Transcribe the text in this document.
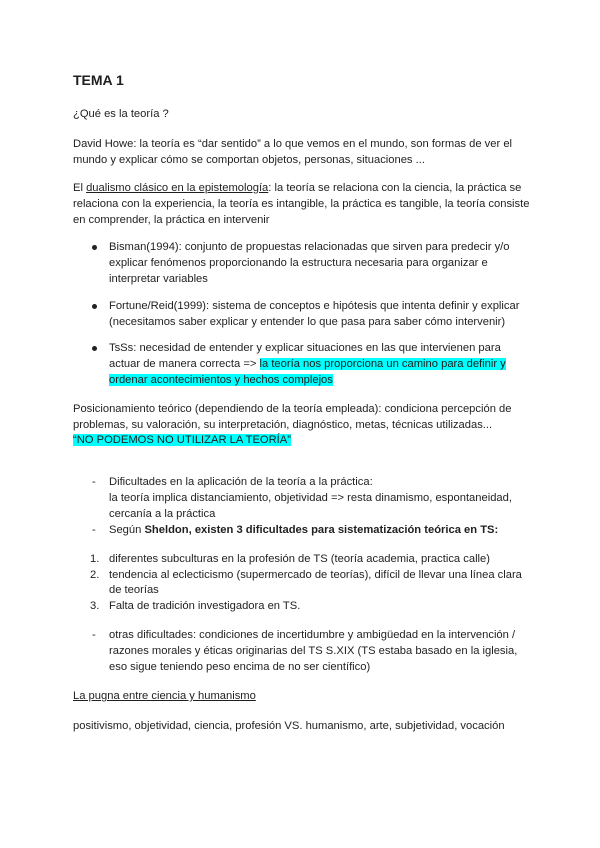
TEMA 1
¿Qué es la teoría ?
David Howe: la teoría es “dar sentido” a lo que vemos en el mundo, son formas de ver el
mundo y explicar cómo se comportan objetos, personas, situaciones ...
El dualismo clásico en la epistemología: la teoría se relaciona con la ciencia, la práctica se
relaciona con la experiencia, la teoría es intangible, la práctica es tangible, la teoría consiste
en comprender, la práctica en intervenir
Bisman(1994): conjunto de propuestas relacionadas que sirven para predecir y/o
explicar fenómenos proporcionando la estructura necesaria para organizar e
interpretar variables
Fortune/Reid(1999): sistema de conceptos e hipótesis que intenta definir y explicar
(necesitamos saber explicar y entender lo que pasa para saber cómo intervenir)
TsSs: necesidad de entender y explicar situaciones en las que intervienen para
actuar de manera correcta => la teoría nos proporciona un camino para definir y
ordenar acontecimientos y hechos complejos
Posicionamiento teórico (dependiendo de la teoría empleada): condiciona percepción de
problemas, su valoración, su interpretación, diagnóstico, metas, técnicas utilizadas...
“NO PODEMOS NO UTILIZAR LA TEORÍA”
- Dificultades en la aplicación de la teoría a la práctica:
la teoría implica distanciamiento, objetividad => resta dinamismo, espontaneidad,
cercanía a la práctica
- Según Sheldon, existen 3 dificultades para sistematización teórica en TS:
1. diferentes subculturas en la profesión de TS (teoría academia, practica calle)
2. tendencia al eclecticismo (supermercado de teorías), difícil de llevar una línea clara
de teorías
3. Falta de tradición investigadora en TS.
- otras dificultades: condiciones de incertidumbre y ambigüedad en la intervención /
razones morales y éticas originarias del TS S.XIX (TS estaba basado en la iglesia,
eso sigue teniendo peso encima de no ser científico)
La pugna entre ciencia y humanismo
positivismo, objetividad, ciencia, profesión VS. humanismo, arte, subjetividad, vocación
